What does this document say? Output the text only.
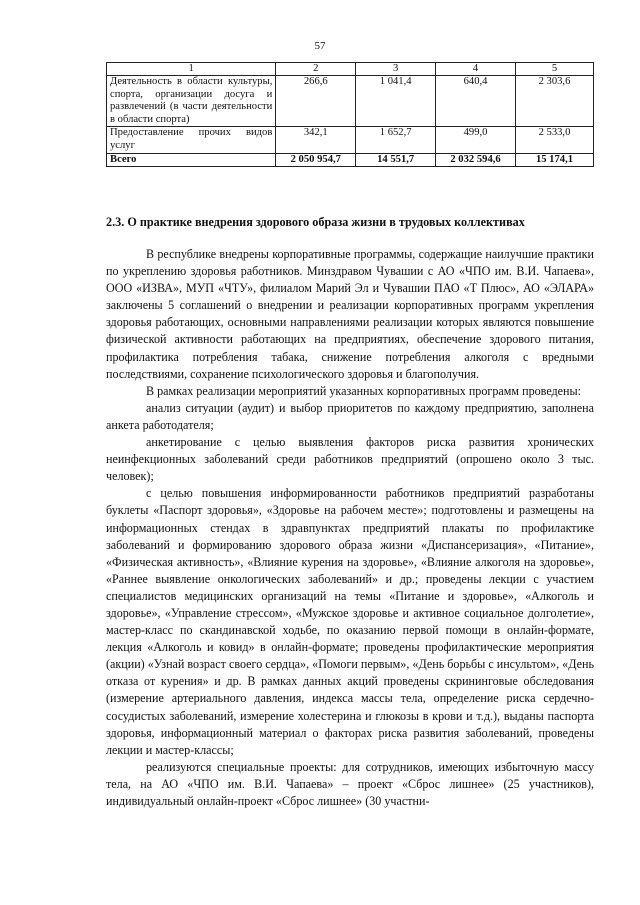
57
1	2	3	4	5
Деятельность в области культуры, спорта, организации досуга и развлечений (в части деятельности в области спорта)	266,6	1 041,4	640,4	2 303,6
Предоставление прочих видов услуг	342,1	1 652,7	499,0	2 533,0
Всего	2 050 954,7	14 551,7	2 032 594,6	15 174,1
2.3. О практике внедрения здорового образа жизни в трудовых коллективах

В республике внедрены корпоративные программы, содержащие наилучшие практики по укреплению здоровья работников. Минздравом Чувашии с АО «ЧПО им. В.И. Чапаева», ООО «ИЗВА», МУП «ЧТУ», филиалом Марий Эл и Чувашии ПАО «Т Плюс», АО «ЭЛАРА» заключены 5 соглашений о внедрении и реализации корпоративных программ укрепления здоровья работающих, основными направлениями реализации которых являются повышение физической активности работающих на предприятиях, обеспечение здорового питания, профилактика потребления табака, снижение потребления алкоголя с вредными последствиями, сохранение психологического здоровья и благополучия.

В рамках реализации мероприятий указанных корпоративных программ проведены:

анализ ситуации (аудит) и выбор приоритетов по каждому предприятию, заполнена анкета работодателя;

анкетирование с целью выявления факторов риска развития хронических неинфекционных заболеваний среди работников предприятий (опрошено около 3 тыс. человек);

с целью повышения информированности работников предприятий разработаны буклеты «Паспорт здоровья», «Здоровье на рабочем месте»; подготовлены и размещены на информационных стендах в здравпунктах предприятий плакаты по профилактике заболеваний и формированию здорового образа жизни «Диспансеризация», «Питание», «Физическая активность», «Влияние курения на здоровье», «Влияние алкоголя на здоровье», «Раннее выявление онкологических заболеваний» и др.; проведены лекции с участием специалистов медицинских организаций на темы «Питание и здоровье», «Алкоголь и здоровье», «Управление стрессом», «Мужское здоровье и активное социальное долголетие», мастер-класс по скандинавской ходьбе, по оказанию первой помощи в онлайн-формате, лекция «Алкоголь и ковид» в онлайн-формате; проведены профилактические мероприятия (акции) «Узнай возраст своего сердца», «Помоги первым», «День борьбы с инсультом», «День отказа от курения» и др. В рамках данных акций проведены скрининговые обследования (измерение артериального давления, индекса массы тела, определение риска сердечно-сосудистых заболеваний, измерение холестерина и глюкозы в крови и т.д.), выданы паспорта здоровья, информационный материал о факторах риска развития заболеваний, проведены лекции и мастер-классы;

реализуются специальные проекты: для сотрудников, имеющих избыточную массу тела, на АО «ЧПО им. В.И. Чапаева» – проект «Сброс лишнее» (25 участников), индивидуальный онлайн-проект «Сброс лишнее» (30 участни-
